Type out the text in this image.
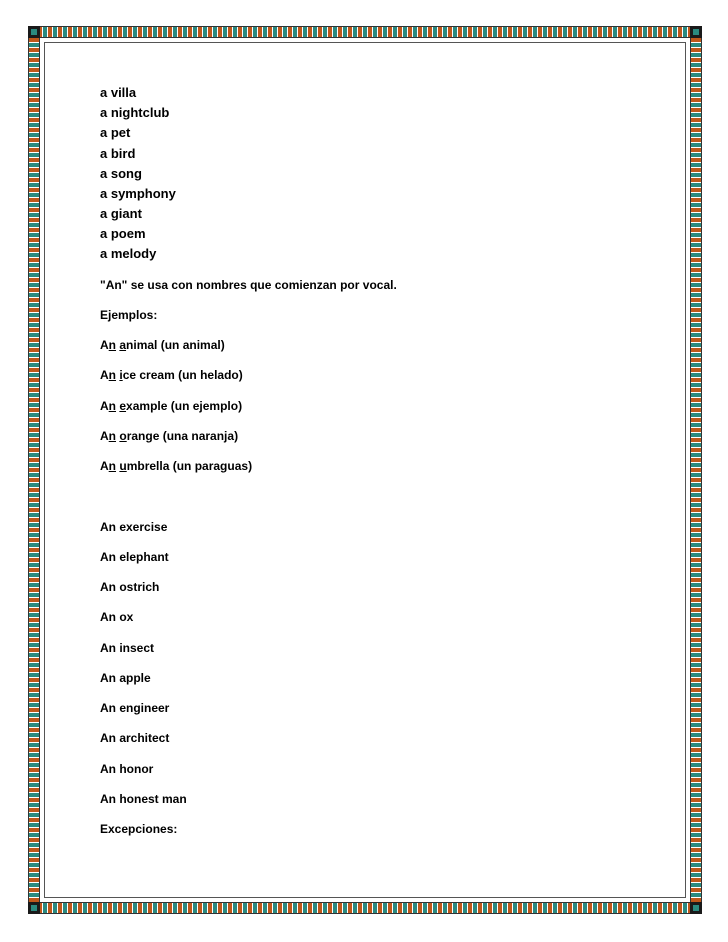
a villa
a nightclub
a pet
a bird
a song
a symphony
a giant
a poem
a melody
"An" se usa con nombres que comienzan por vocal.
Ejemplos:
An animal (un animal)
An ice cream (un helado)
An example (un ejemplo)
An orange (una naranja)
An umbrella (un paraguas)
An exercise
An elephant
An ostrich
An ox
An insect
An apple
An engineer
An architect
An honor
An honest man
Excepciones:
